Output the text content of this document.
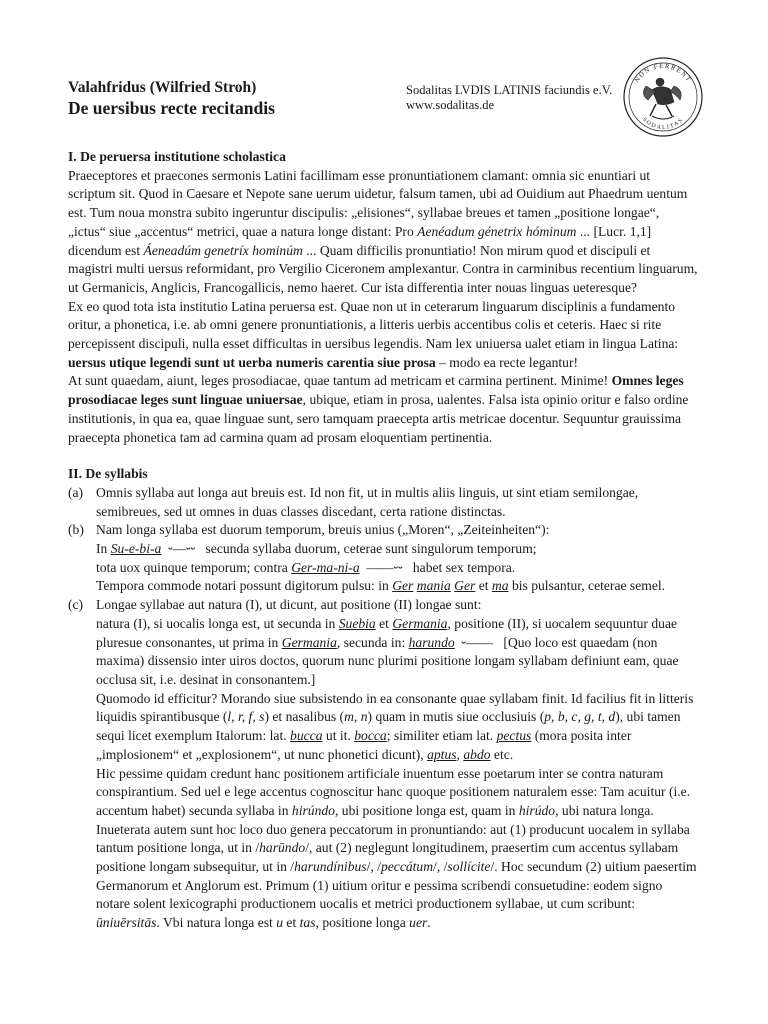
Valahfridus (Wilfried Stroh)
De uersibus recte recitandis
Sodalitas LVDIS LATINIS faciundis e.V.
www.sodalitas.de
NON FERRENT
SODALITAS

I. De peruersa institutione scholastica

Praeceptores et praecones sermonis Latini facillimam esse pronuntiationem clamant: omnia sic enuntiari ut scriptum sit. Quod in Caesare et Nepote sane uerum uidetur, falsum tamen, ubi ad Ouidium aut Phaedrum uentum est. Tum noua monstra subito ingeruntur discipulis: „elisiones“, syllabae breues et tamen „positione longae“, „ictus“ siue „accentus“ metrici, quae a natura longe distant: Pro Aenéadum génetrix hóminum ... [Lucr. 1,1] dicendum est Áeneadúm genetríx hominúm ... Quam difficilis pronuntiatio! Non mirum quod et discipuli et magistri multi uersus reformidant, pro Vergilio Ciceronem amplexantur. Contra in carminibus recentium linguarum, ut Germanicis, Anglicis, Francogallicis, nemo haeret. Cur ista differentia inter nouas linguas ueteresque?

Ex eo quod tota ista institutio Latina peruersa est. Quae non ut in ceterarum linguarum disciplinis a fundamento oritur, a phonetica, i.e. ab omni genere pronuntiationis, a litteris uerbis accentibus colis et ceteris. Haec si rite percepissent discipuli, nulla esset difficultas in uersibus legendis. Nam lex uniuersa ualet etiam in lingua Latina: uersus utique legendi sunt ut uerba numeris carentia siue prosa – modo ea recte legantur!

At sunt quaedam, aiunt, leges prosodiacae, quae tantum ad metricam et carmina pertinent. Minime! Omnes leges prosodiacae leges sunt linguae uniuersae, ubique, etiam in prosa, ualentes. Falsa ista opinio oritur e falso ordine institutionis, in qua ea, quae linguae sunt, sero tamquam praecepta artis metricae docentur. Sequuntur grauissima praecepta phonetica tam ad carmina quam ad prosam eloquentiam pertinentia.

II. De syllabis

(a) Omnis syllaba aut longa aut breuis est. Id non fit, ut in multis aliis linguis, ut sint etiam semilongae, semibreues, sed ut omnes in duas classes discedant, certa ratione distinctas.

(b) Nam longa syllaba est duorum temporum, breuis unius („Moren“, „Zeiteinheiten“):

In Su-e-bi-a ⏑—⏑⏑   secunda syllaba duorum, ceterae sunt singulorum temporum;

tota uox quinque temporum; contra Ger-ma-ni-a ——⏑⏑   habet sex tempora.

Tempora commode notari possunt digitorum pulsu: in Ger mania Ger et ma bis pulsantur, ceterae semel.

(c) Longae syllabae aut natura (I), ut dicunt, aut positione (II) longae sunt:

natura (I), si uocalis longa est, ut secunda in Suebia et Germania, positione (II), si uocalem sequuntur duae pluresue consonantes, ut prima in Germania, secunda in: harundo ⏑——   [Quo loco est quaedam (non maxima) dissensio inter uiros doctos, quorum nunc plurimi positione longam syllabam definiunt eam, quae occlusa sit, i.e. desinat in consonantem.]

Quomodo id efficitur? Morando siue subsistendo in ea consonante quae syllabam finit. Id facilius fit in litteris liquidis spirantibusque (l, r, f, s) et nasalibus (m, n) quam in mutis siue occlusiuis (p, b, c, g, t, d), ubi tamen sequi licet exemplum Italorum: lat. bucca ut it. bocca; similiter etiam lat. pectus (mora posita inter „implosionem“ et „explosionem“, ut nunc phonetici dicunt), aptus, abdo etc.

Hic pessime quidam credunt hanc positionem artificiale inuentum esse poetarum inter se contra naturam conspirantium. Sed uel e lege accentus cognoscitur hanc quoque positionem naturalem esse: Tam acuitur (i.e. accentum habet) secunda syllaba in hirúndo, ubi positione longa est, quam in hirúdo, ubi natura longa.

Inueterata autem sunt hoc loco duo genera peccatorum in pronuntiando: aut (1) producunt uocalem in syllaba tantum positione longa, ut in /harūndo/, aut (2) neglegunt longitudinem, praesertim cum accentus syllabam positione longam subsequitur, ut in /harundínibus/, /peccátum/, /sollícite/. Hoc secundum (2) uitium paesertim Germanorum et Anglorum est. Primum (1) uitium oritur e pessima scribendi consuetudine: eodem signo notare solent lexicographi productionem uocalis et metrici productionem syllabae, ut cum scribunt: ūniuērsitās. Vbi natura longa est u et tas, positione longa uer.
